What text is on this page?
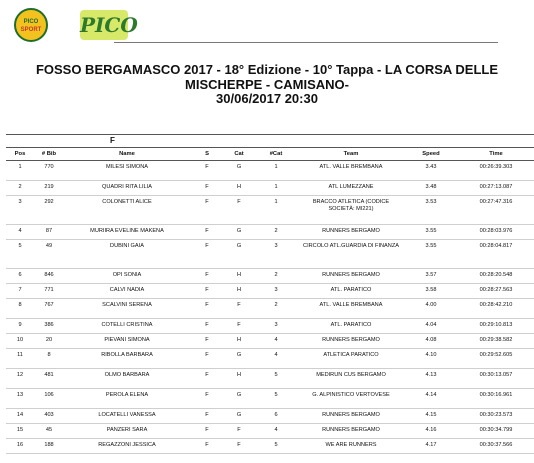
PICO
SPORT PICO
FOSSO BERGAMASCO 2017 - 18° Edizione - 10° Tappa - LA CORSA DELLE MISCHERPE - CAMISANO-
30/06/2017 20:30
F
Pos	# Bib	Name	S	Cat	#Cat	Team	Speed	Time
1	770	MILESI SIMONA	F	G	1	ATL. VALLE BREMBANA	3.43	00:26:39.303
2	219	QUADRI RITA LILIA	F	H	1	ATL LUMEZZANE	3.48	00:27:13.087
3	292	COLONETTI ALICE	F	F	1	BRACCO ATLETICA (CODICE SOCIETÀ: MI221)	3.53	00:27:47.316
4	87	MURIIRA EVELINE MAKENA	F	G	2	RUNNERS BERGAMO	3.55	00:28:03.976
5	49	DUBINI GAIA	F	G	3	CIRCOLO ATL.GUARDIA DI FINANZA	3.55	00:28:04.817
6	846	OPI SONIA	F	H	2	RUNNERS BERGAMO	3.57	00:28:20.548
7	771	CALVI NADIA	F	H	3	ATL. PARATICO	3.58	00:28:27.563
8	767	SCALVINI SERENA	F	F	2	ATL. VALLE BREMBANA	4.00	00:28:42.210
9	386	COTELLI CRISTINA	F	F	3	ATL. PARATICO	4.04	00:29:10.813
10	20	PIEVANI SIMONA	F	H	4	RUNNERS BERGAMO	4.08	00:29:38.582
11	8	RIBOLLA BARBARA	F	G	4	ATLETICA PARATICO	4.10	00:29:52.605
12	481	OLMO BARBARA	F	H	5	MEDIRUN CUS BERGAMO	4.13	00:30:13.057
13	106	PEROLA ELENA	F	G	5	G. ALPINISTICO VERTOVESE	4.14	00:30:16.961
14	403	LOCATELLI VANESSA	F	G	6	RUNNERS BERGAMO	4.15	00:30:23.573
15	45	PANZERI SARA	F	F	4	RUNNERS BERGAMO	4.16	00:30:34.799
16	188	REGAZZONI JESSICA	F	F	5	WE ARE RUNNERS	4.17	00:30:37.566
